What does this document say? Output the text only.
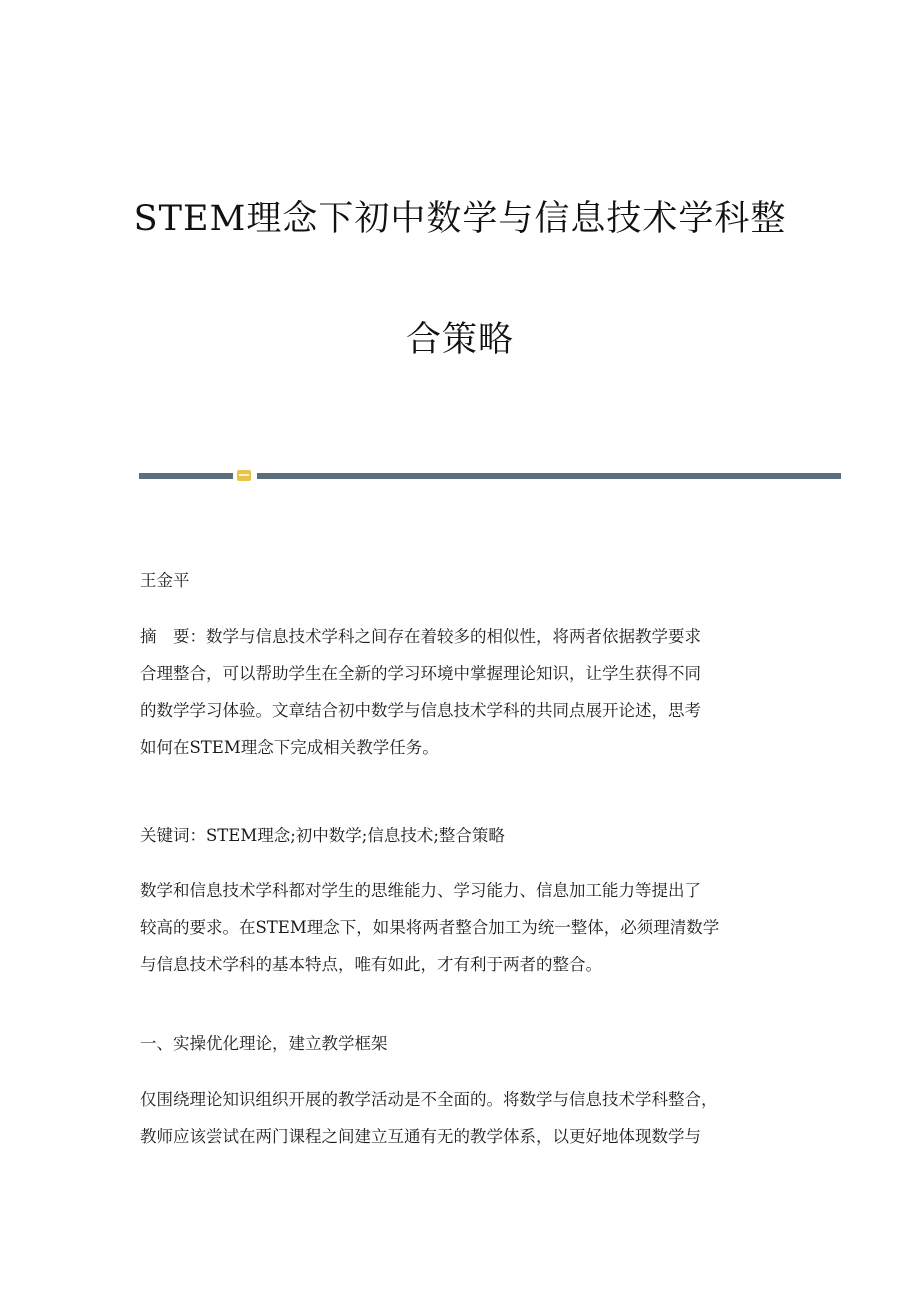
STEM理念下初中数学与信息技术学科整
合策略
王金平
摘　要：数学与信息技术学科之间存在着较多的相似性，将两者依据教学要求
合理整合，可以帮助学生在全新的学习环境中掌握理论知识，让学生获得不同
的数学学习体验。文章结合初中数学与信息技术学科的共同点展开论述，思考
如何在STEM理念下完成相关教学任务。
关键词：STEM理念;初中数学;信息技术;整合策略
数学和信息技术学科都对学生的思维能力、学习能力、信息加工能力等提出了
较高的要求。在STEM理念下，如果将两者整合加工为统一整体，必须理清数学
与信息技术学科的基本特点，唯有如此，才有利于两者的整合。
一、实操优化理论，建立教学框架
仅围绕理论知识组织开展的教学活动是不全面的。将数学与信息技术学科整合，
教师应该尝试在两门课程之间建立互通有无的教学体系，以更好地体现数学与
